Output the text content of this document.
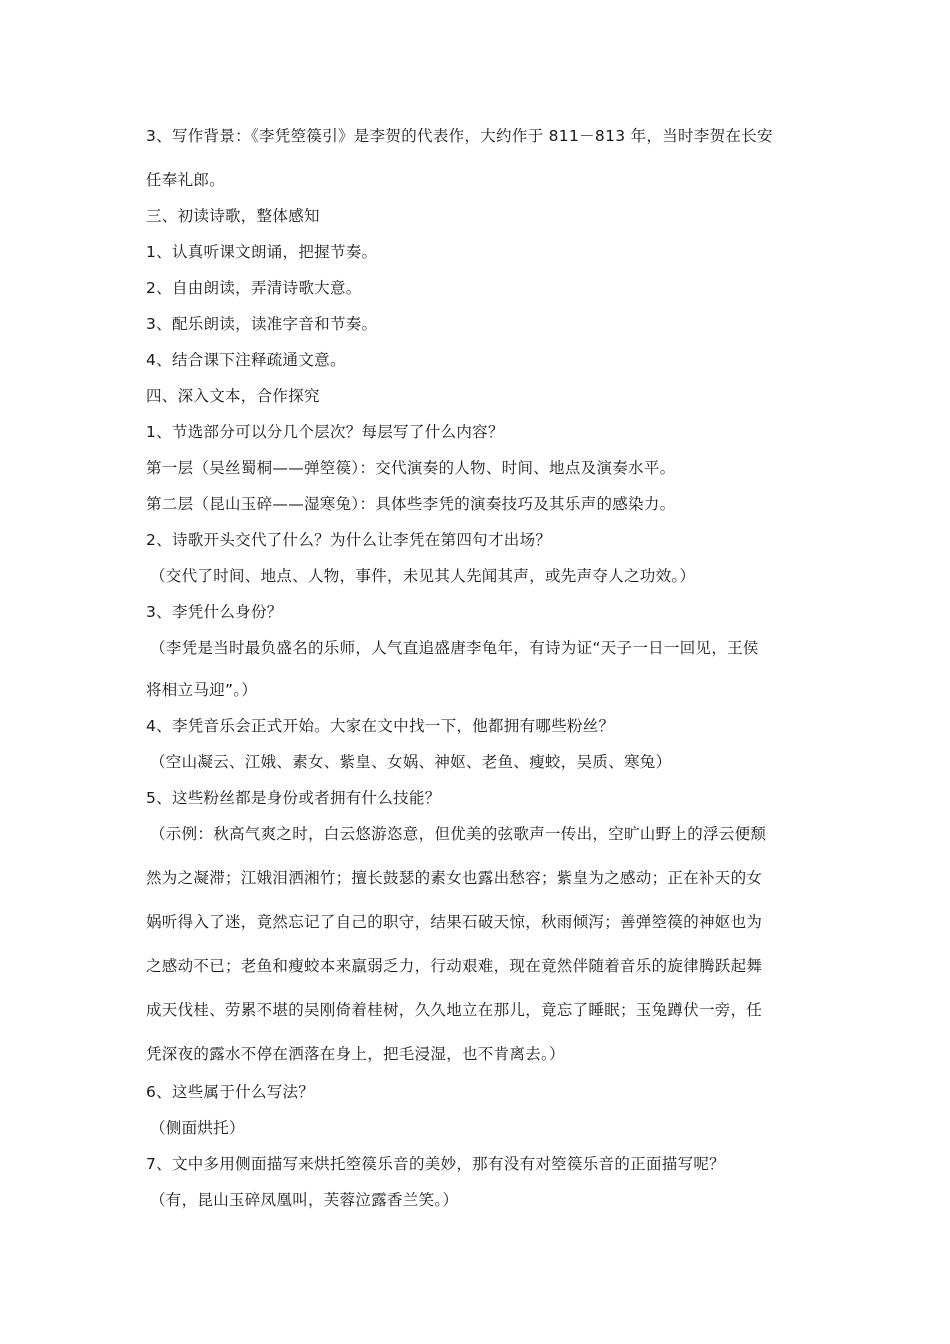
3、写作背景：《李凭箜篌引》是李贺的代表作，大约作于 811－813 年，当时李贺在长安
任奉礼郎。
三、初读诗歌，整体感知
1、认真听课文朗诵，把握节奏。
2、自由朗读，弄清诗歌大意。
3、配乐朗读，读准字音和节奏。
4、结合课下注释疏通文意。
四、深入文本，合作探究
1、节选部分可以分几个层次？每层写了什么内容？
第一层（吴丝蜀桐——弹箜篌）：交代演奏的人物、时间、地点及演奏水平。
第二层（昆山玉碎——湿寒兔）：具体些李凭的演奏技巧及其乐声的感染力。
2、诗歌开头交代了什么？为什么让李凭在第四句才出场？
（交代了时间、地点、人物，事件，未见其人先闻其声，或先声夺人之功效。）
3、李凭什么身份？
（李凭是当时最负盛名的乐师，人气直追盛唐李龟年，有诗为证“天子一日一回见，王侯
将相立马迎”。）
4、李凭音乐会正式开始。大家在文中找一下，他都拥有哪些粉丝？
（空山凝云、江娥、素女、紫皇、女娲、神妪、老鱼、瘦蛟，吴质、寒兔）
5、这些粉丝都是身份或者拥有什么技能？
（示例：秋高气爽之时，白云悠游恣意，但优美的弦歌声一传出，空旷山野上的浮云便颓
然为之凝滞；江娥泪洒湘竹；擅长鼓瑟的素女也露出愁容；紫皇为之感动；正在补天的女
娲听得入了迷，竟然忘记了自己的职守，结果石破天惊，秋雨倾泻；善弹箜篌的神妪也为
之感动不已；老鱼和瘦蛟本来羸弱乏力，行动艰难，现在竟然伴随着音乐的旋律腾跃起舞
成天伐桂、劳累不堪的吴刚倚着桂树，久久地立在那儿，竟忘了睡眠；玉兔蹲伏一旁，任
凭深夜的露水不停在洒落在身上，把毛浸湿，也不肯离去。）
6、这些属于什么写法？
（侧面烘托）
7、文中多用侧面描写来烘托箜篌乐音的美妙，那有没有对箜篌乐音的正面描写呢？
（有，昆山玉碎凤凰叫，芙蓉泣露香兰笑。）
